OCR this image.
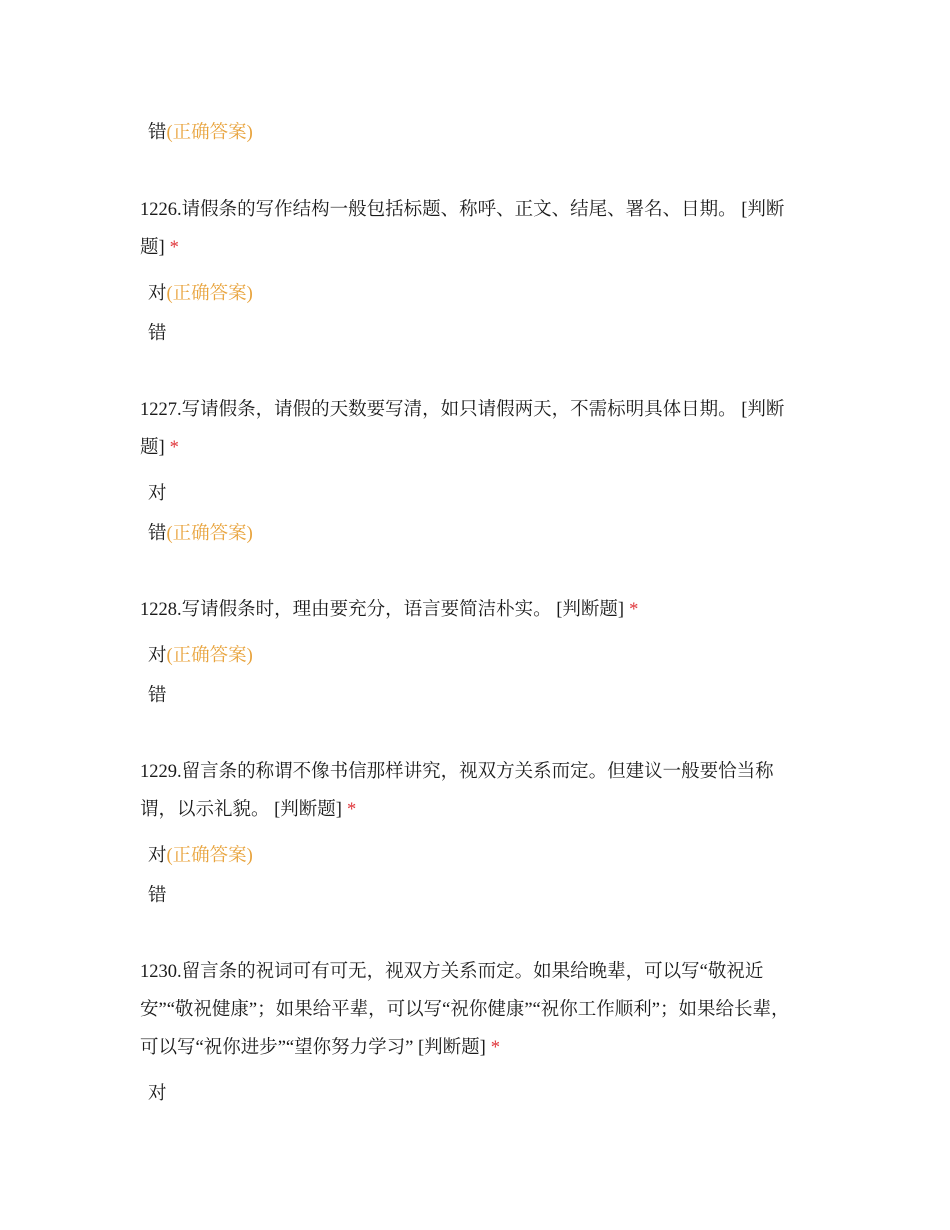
错(正确答案)
1226.请假条的写作结构一般包括标题、称呼、正文、结尾、署名、日期。 [判断
题] *
对(正确答案)
错
1227.写请假条，请假的天数要写清，如只请假两天，不需标明具体日期。 [判断
题] *
对
错(正确答案)
1228.写请假条时，理由要充分，语言要简洁朴实。 [判断题] *
对(正确答案)
错
1229.留言条的称谓不像书信那样讲究，视双方关系而定。但建议一般要恰当称
谓，以示礼貌。 [判断题] *
对(正确答案)
错
1230.留言条的祝词可有可无，视双方关系而定。如果给晚辈，可以写“敬祝近
安”“敬祝健康”；如果给平辈，可以写“祝你健康”“祝你工作顺利”；如果给长辈，
可以写“祝你进步”“望你努力学习” [判断题] *
对
